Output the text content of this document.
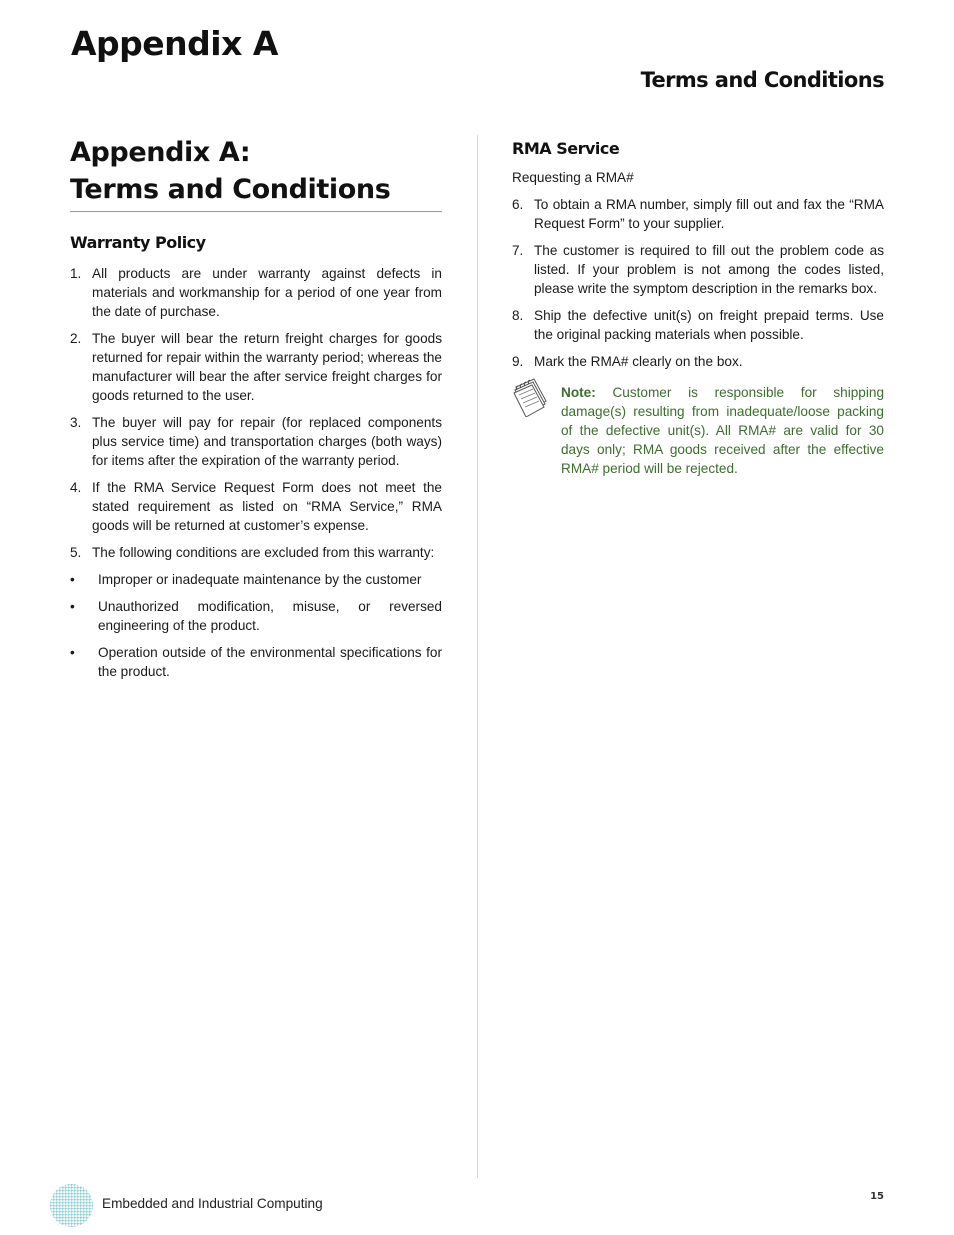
Appendix A
Terms and Conditions
Appendix A:
Terms and Conditions
Warranty Policy
1. All products are under warranty against defects in materials and workmanship for a period of one year from the date of purchase.
2. The buyer will bear the return freight charges for goods returned for repair within the warranty period; whereas the manufacturer will bear the after service freight charges for goods returned to the user.
3. The buyer will pay for repair (for replaced components plus service time) and transportation charges (both ways) for items after the expiration of the warranty period.
4. If the RMA Service Request Form does not meet the stated requirement as listed on “RMA Service,” RMA goods will be returned at customer’s expense.
5. The following conditions are excluded from this warranty:
• Improper or inadequate maintenance by the customer
• Unauthorized modification, misuse, or reversed engineering of the product.
• Operation outside of the environmental specifications for the product.
RMA Service

Requesting a RMA#

6. To obtain a RMA number, simply fill out and fax the “RMA Request Form” to your supplier.
7. The customer is required to fill out the problem code as listed. If your problem is not among the codes listed, please write the symptom description in the remarks box.
8. Ship the defective unit(s) on freight prepaid terms. Use the original packing materials when possible.
9. Mark the RMA# clearly on the box.

Note: Customer is responsible for shipping damage(s) resulting from inadequate/loose packing of the defective unit(s). All RMA# are valid for 30 days only; RMA goods received after the effective RMA# period will be rejected.

Embedded and Industrial Computing	15
